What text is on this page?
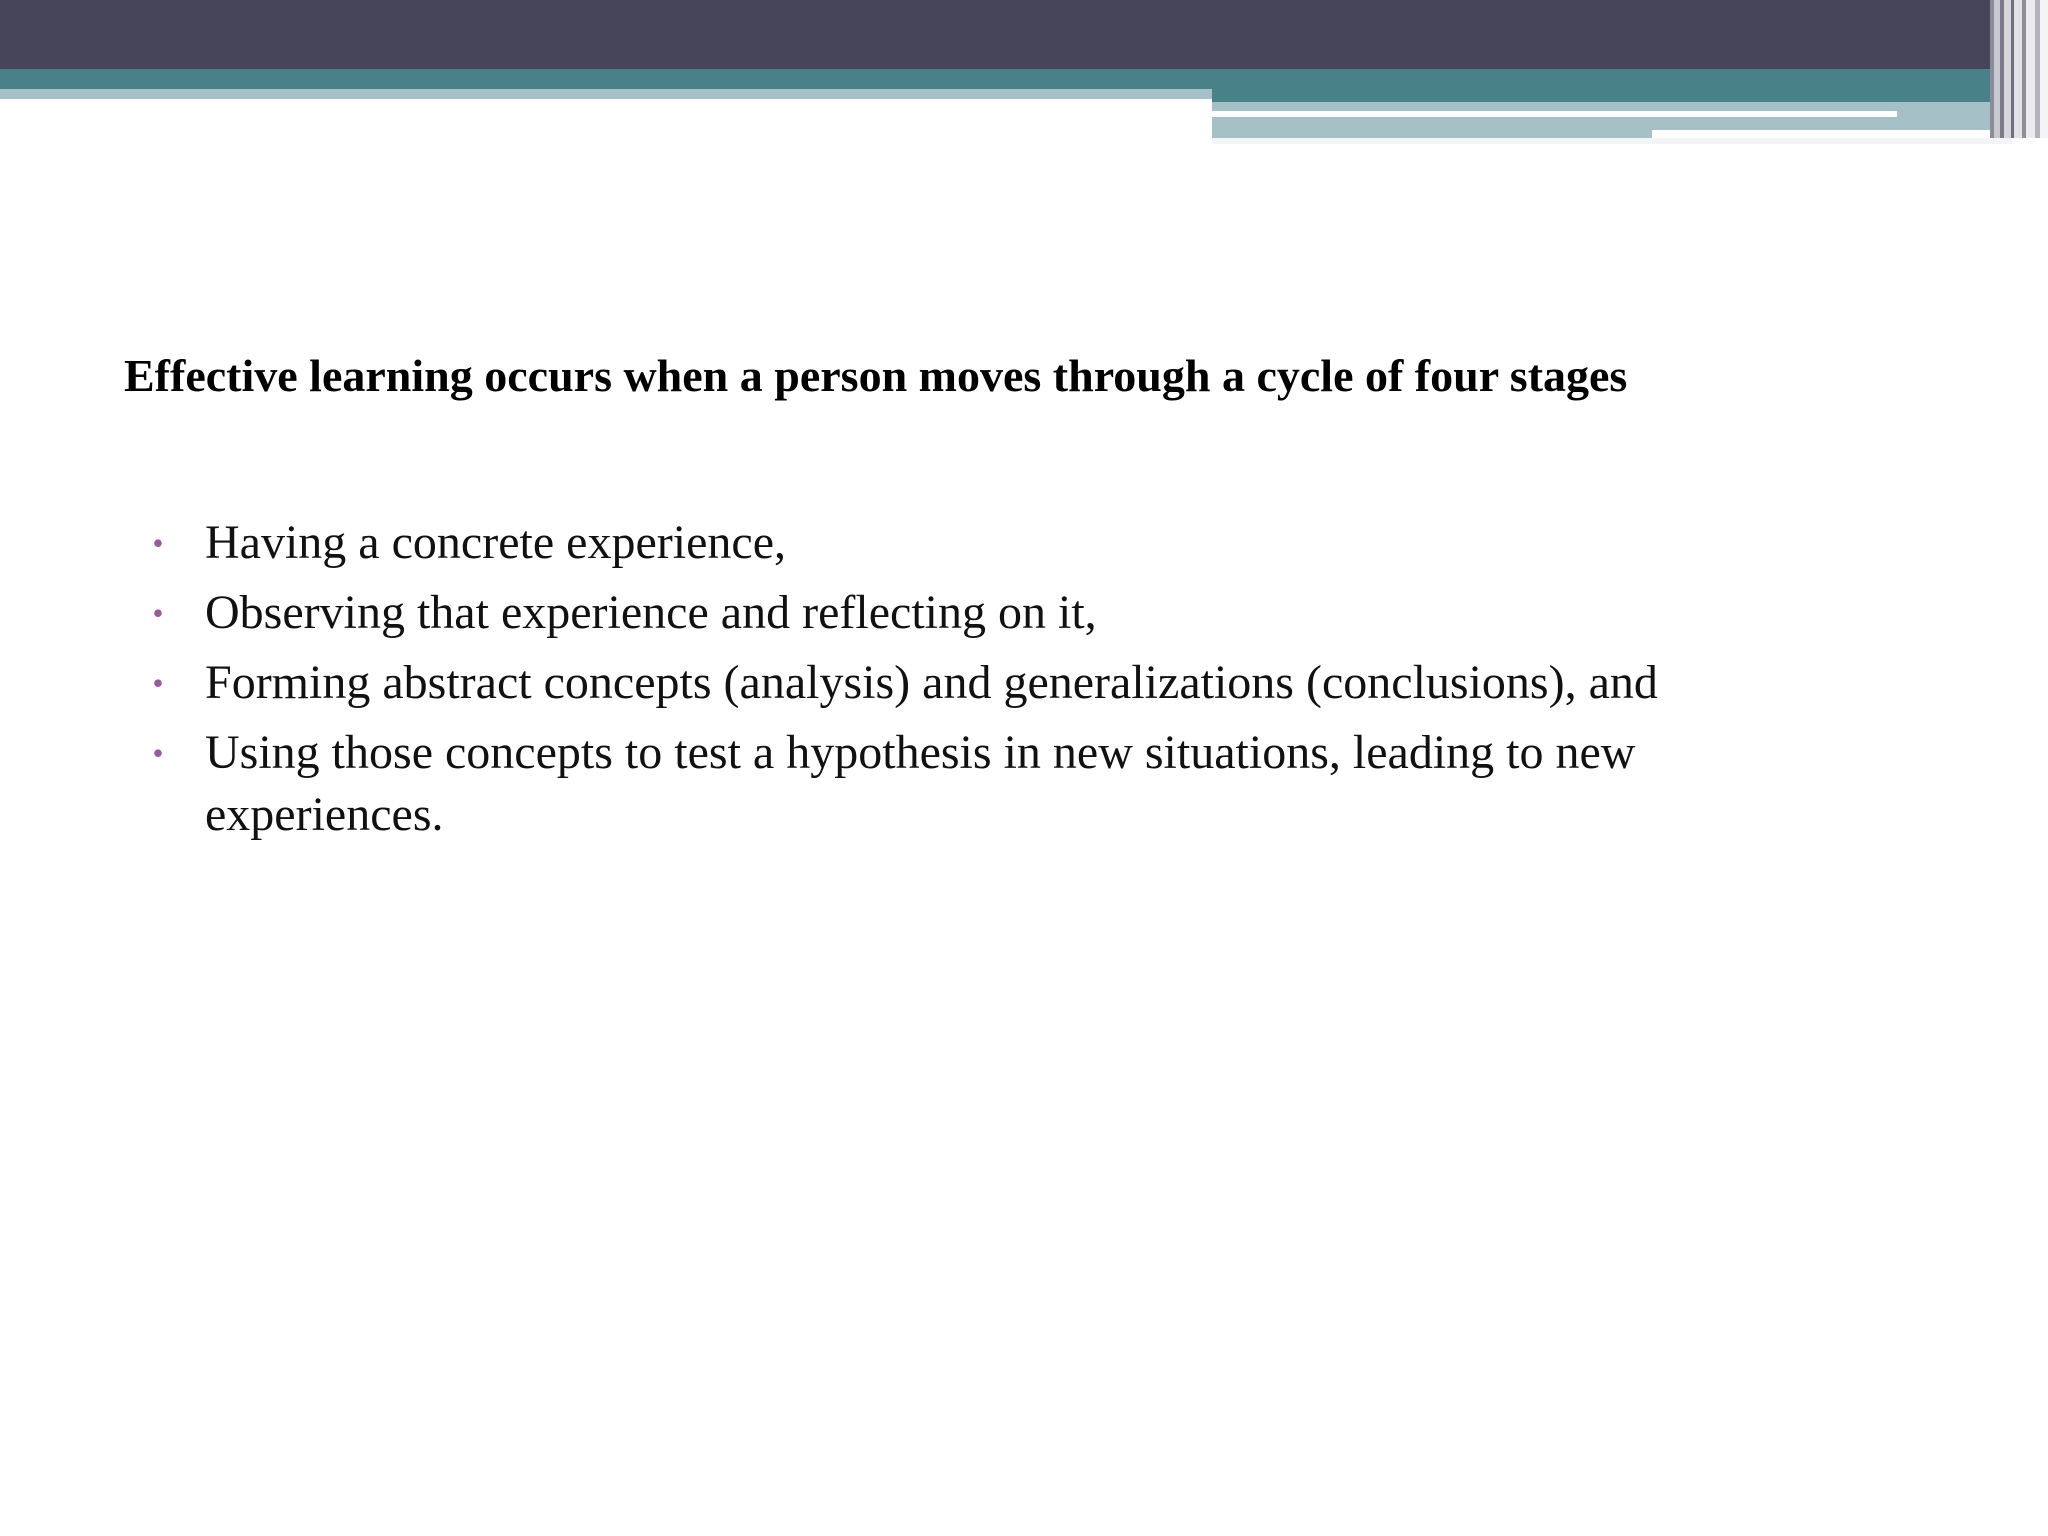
Effective learning occurs when a person moves through a cycle of four stages
• Having a concrete experience,
• Observing that experience and reflecting on it,
• Forming abstract concepts (analysis) and generalizations (conclusions), and
• Using those concepts to test a hypothesis in new situations, leading to new experiences.
